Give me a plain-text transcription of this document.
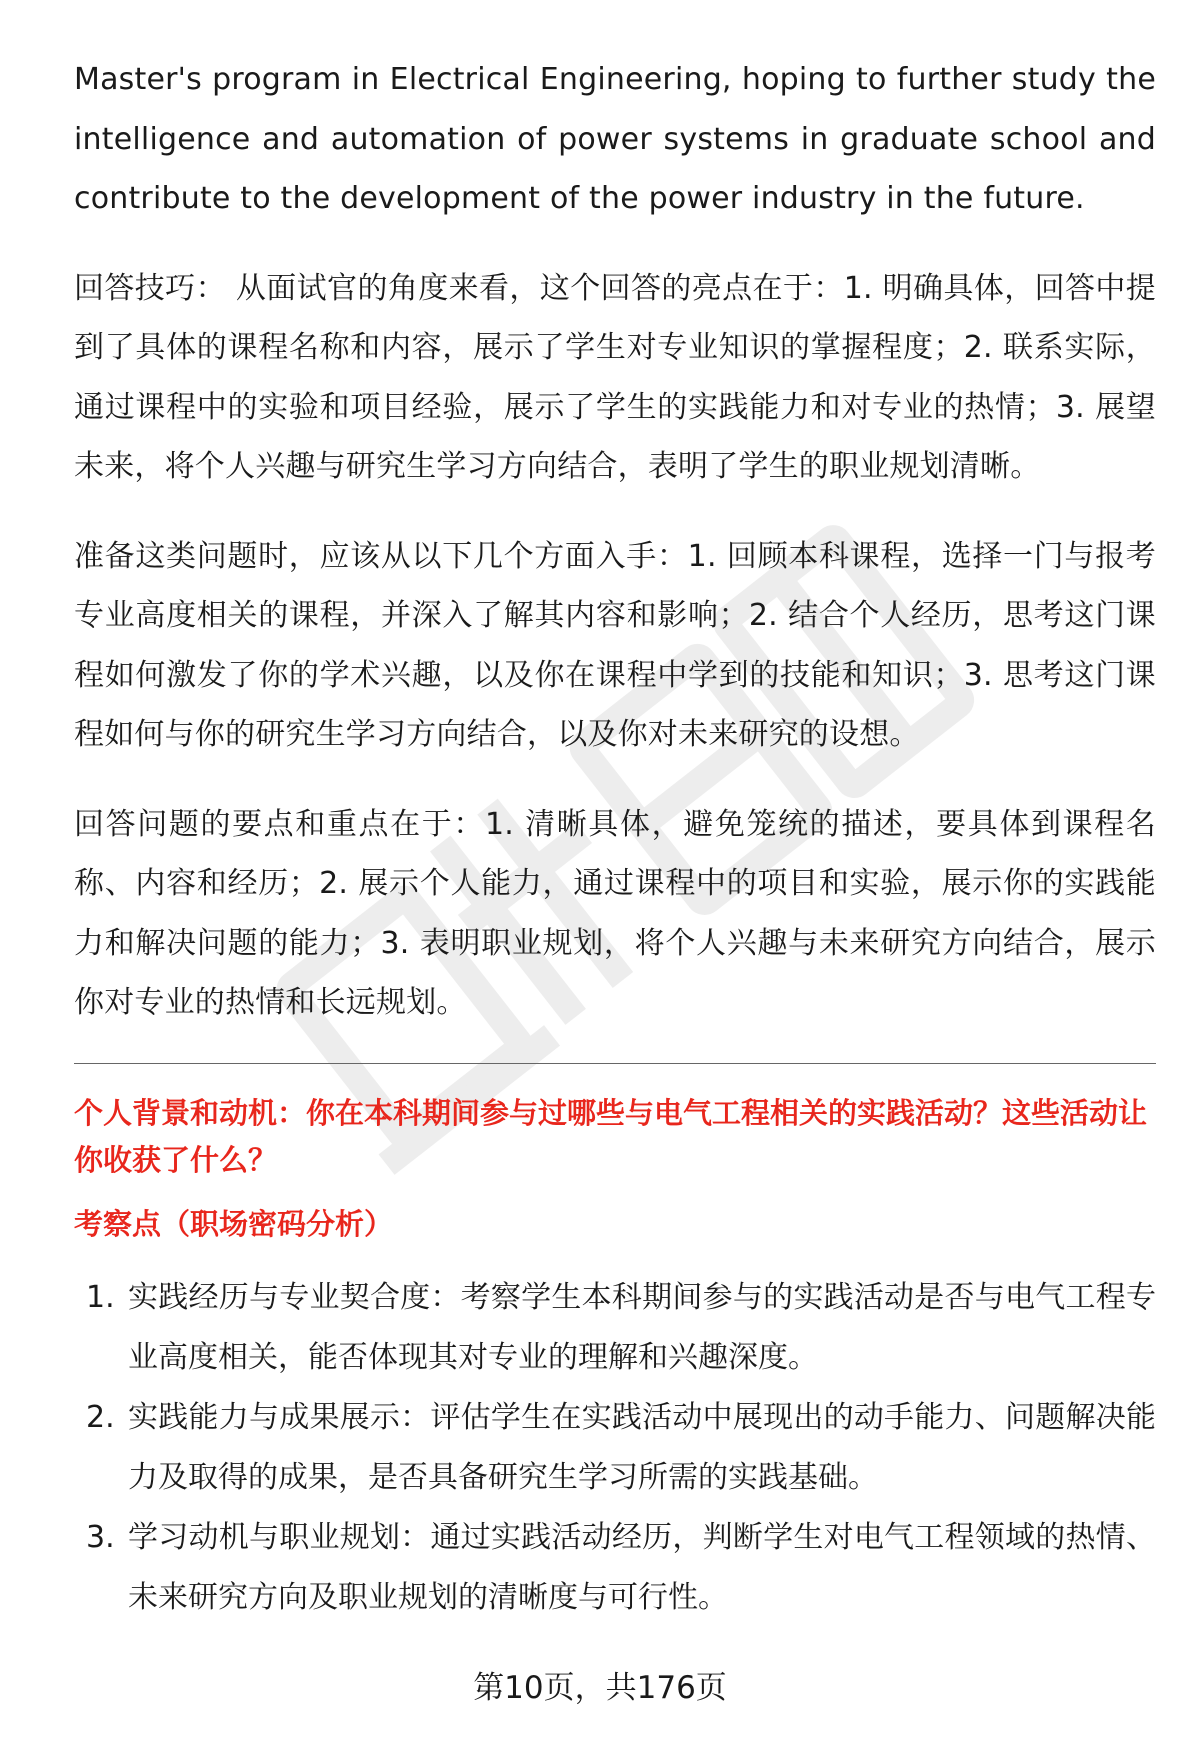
Master's program in Electrical Engineering, hoping to further study the intelligence and automation of power systems in graduate school and contribute to the development of the power industry in the future.

回答技巧： 从面试官的角度来看，这个回答的亮点在于：1. 明确具体，回答中提到了具体的课程名称和内容，展示了学生对专业知识的掌握程度；2. 联系实际，通过课程中的实验和项目经验，展示了学生的实践能力和对专业的热情；3. 展望未来，将个人兴趣与研究生学习方向结合，表明了学生的职业规划清晰。

准备这类问题时，应该从以下几个方面入手：1. 回顾本科课程，选择一门与报考专业高度相关的课程，并深入了解其内容和影响；2. 结合个人经历，思考这门课程如何激发了你的学术兴趣，以及你在课程中学到的技能和知识；3. 思考这门课程如何与你的研究生学习方向结合，以及你对未来研究的设想。

回答问题的要点和重点在于：1. 清晰具体，避免笼统的描述，要具体到课程名称、内容和经历；2. 展示个人能力，通过课程中的项目和实验，展示你的实践能力和解决问题的能力；3. 表明职业规划，将个人兴趣与未来研究方向结合，展示你对专业的热情和长远规划。

个人背景和动机：你在本科期间参与过哪些与电气工程相关的实践活动？这些活动让你收获了什么？
考察点（职场密码分析）
1. 实践经历与专业契合度：考察学生本科期间参与的实践活动是否与电气工程专业高度相关，能否体现其对专业的理解和兴趣深度。
2. 实践能力与成果展示：评估学生在实践活动中展现出的动手能力、问题解决能力及取得的成果，是否具备研究生学习所需的实践基础。
3. 学习动机与职业规划：通过实践活动经历，判断学生对电气工程领域的热情、未来研究方向及职业规划的清晰度与可行性。
第10页，共176页
